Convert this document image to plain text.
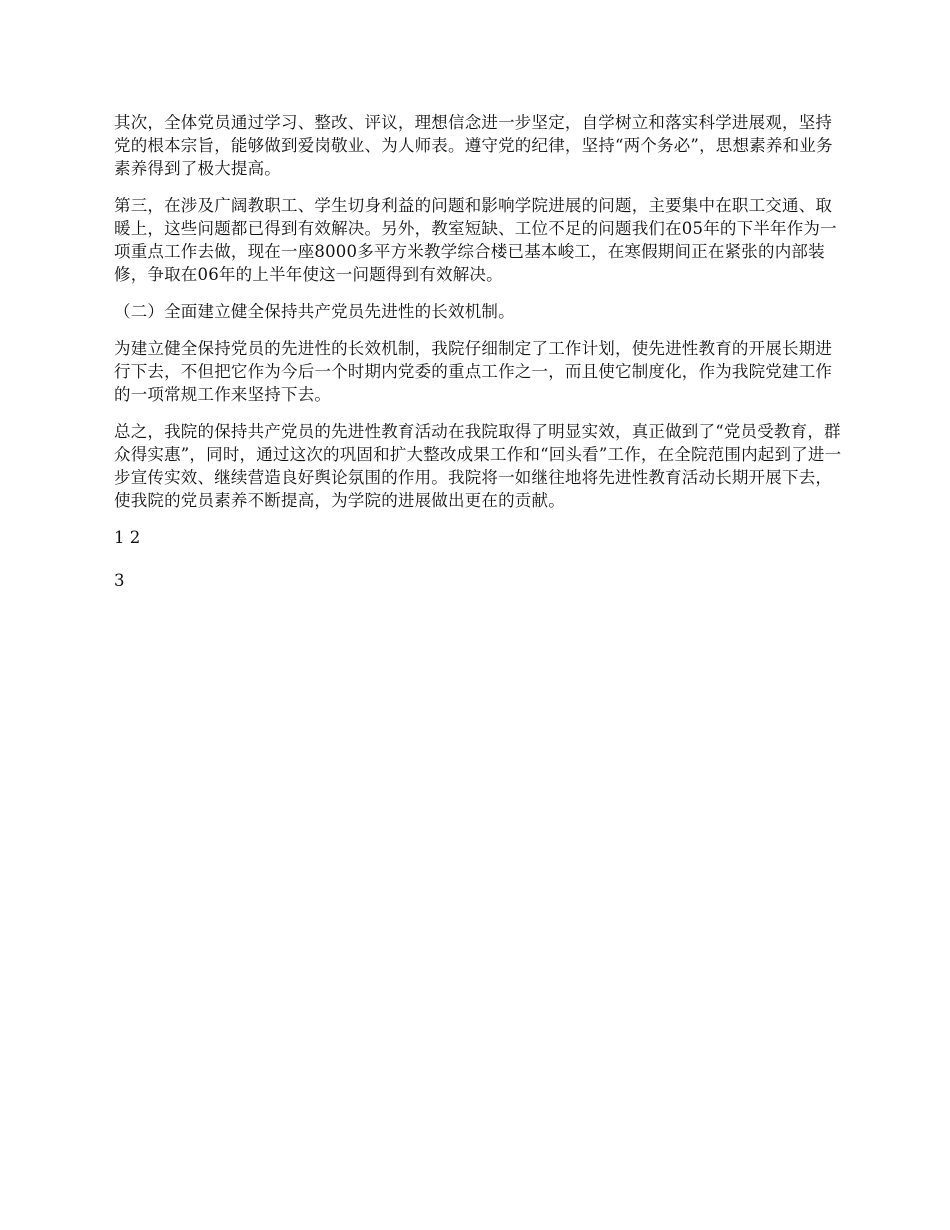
其次，全体党员通过学习、整改、评议，理想信念进一步坚定，自学树立和落实科学进展观，坚持党的根本宗旨，能够做到爱岗敬业、为人师表。遵守党的纪律，坚持“两个务必”，思想素养和业务素养得到了极大提高。

第三，在涉及广阔教职工、学生切身利益的问题和影响学院进展的问题，主要集中在职工交通、取暖上，这些问题都已得到有效解决。另外，教室短缺、工位不足的问题我们在05年的下半年作为一项重点工作去做，现在一座8000多平方米教学综合楼已基本峻工，在寒假期间正在紧张的内部装修，争取在06年的上半年使这一问题得到有效解决。

（二）全面建立健全保持共产党员先进性的长效机制。

为建立健全保持党员的先进性的长效机制，我院仔细制定了工作计划，使先进性教育的开展长期进行下去，不但把它作为今后一个时期内党委的重点工作之一，而且使它制度化，作为我院党建工作的一项常规工作来坚持下去。

总之，我院的保持共产党员的先进性教育活动在我院取得了明显实效，真正做到了“党员受教育，群众得实惠”，同时，通过这次的巩固和扩大整改成果工作和“回头看”工作，在全院范围内起到了进一步宣传实效、继续营造良好舆论氛围的作用。我院将一如继往地将先进性教育活动长期开展下去，使我院的党员素养不断提高，为学院的进展做出更在的贡献。

1 2

3
